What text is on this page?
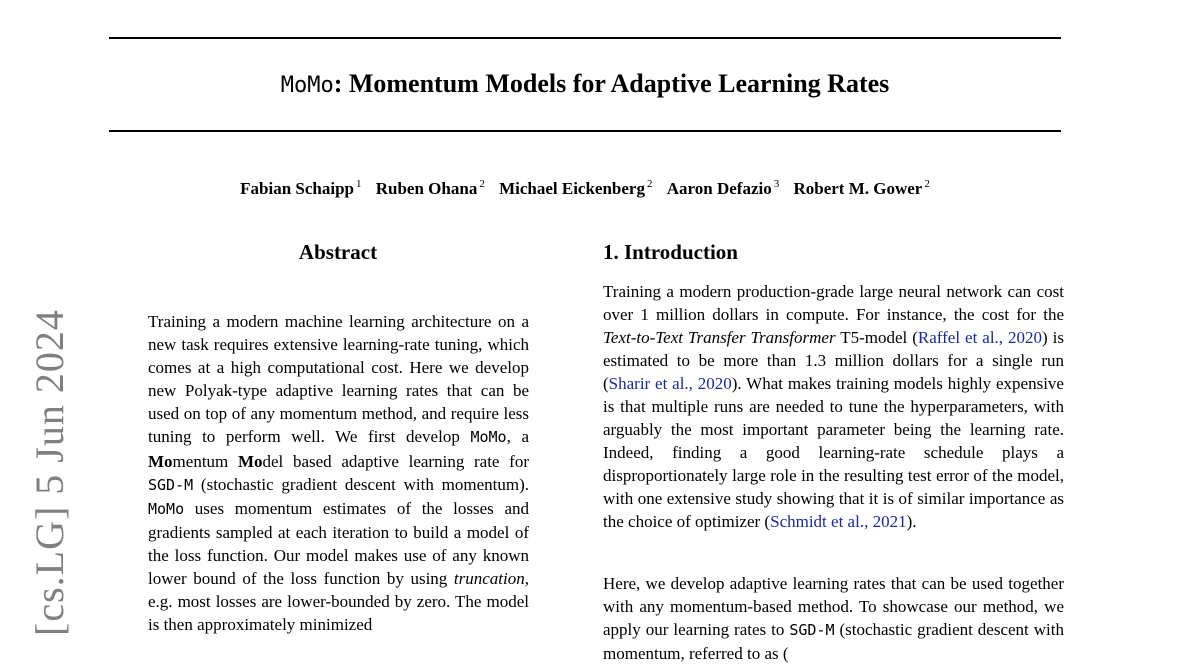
MoMo: Momentum Models for Adaptive Learning Rates
Fabian Schaipp $^1$ Ruben Ohana $^2$ Michael Eickenberg $^2$ Aaron Defazio $^3$ Robert M. Gower $^2$
[cs.LG] 5 Jun 2024
Abstract

Training a modern machine learning architecture on a new task requires extensive learning-rate tuning, which comes at a high computational cost. Here we develop new Polyak-type adaptive learning rates that can be used on top of any momentum method, and require less tuning to perform well. We first develop MoMo, a Momentum Model based adaptive learning rate for SGD-M (stochastic gradient descent with momentum). MoMo uses momentum estimates of the losses and gradients sampled at each iteration to build a model of the loss function. Our model makes use of any known lower bound of the loss function by using truncation, e.g. most losses are lower-bounded by zero. The model is then approximately minimized

1. Introduction

Training a modern production-grade large neural network can cost over 1 million dollars in compute. For instance, the cost for the Text-to-Text Transfer Transformer T5-model (Raffel et al., 2020) is estimated to be more than 1.3 million dollars for a single run (Sharir et al., 2020). What makes training models highly expensive is that multiple runs are needed to tune the hyperparameters, with arguably the most important parameter being the learning rate. Indeed, finding a good learning-rate schedule plays a disproportionately large role in the resulting test error of the model, with one extensive study showing that it is of similar importance as the choice of optimizer (Schmidt et al., 2021).

Here, we develop adaptive learning rates that can be used together with any momentum-based method. To showcase our method, we apply our learning rates to SGD-M (stochastic gradient descent with momentum, referred to as (
